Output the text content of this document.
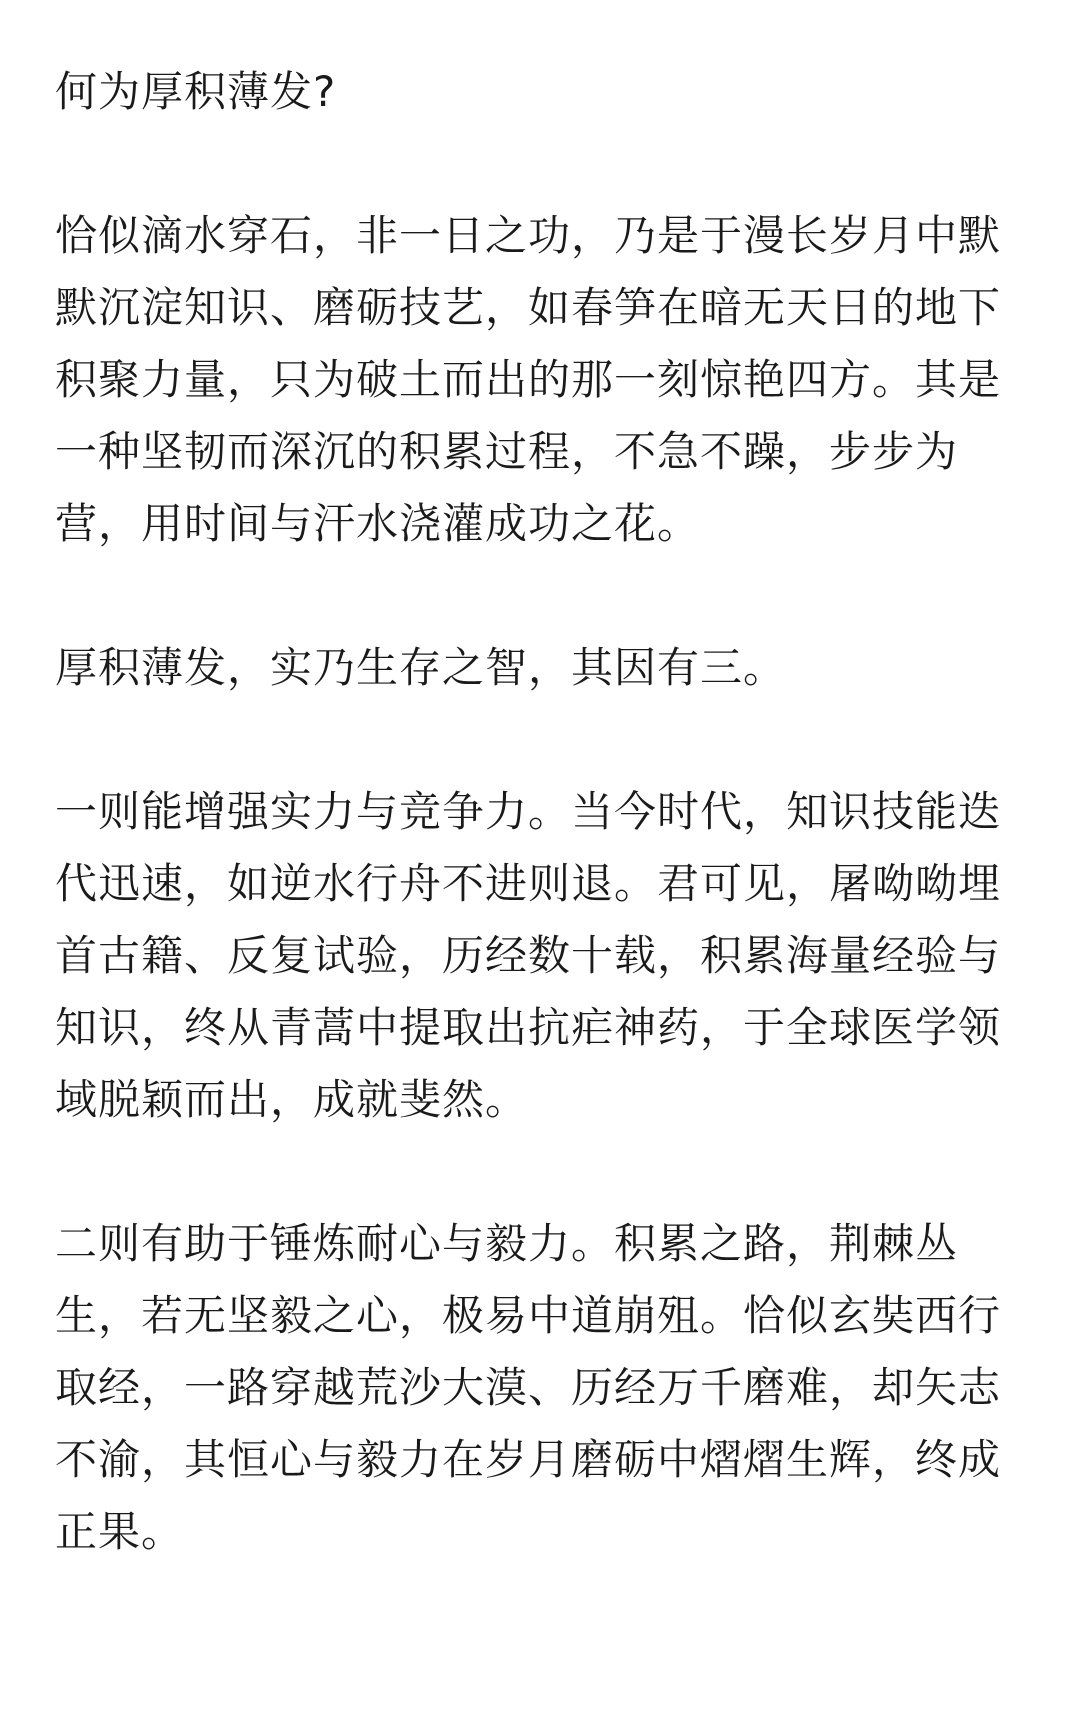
何为厚积薄发?

恰似滴水穿石，非一日之功，乃是于漫长岁月中默默沉淀知识、磨砺技艺，如春笋在暗无天日的地下积聚力量，只为破土而出的那一刻惊艳四方。其是一种坚韧而深沉的积累过程，不急不躁，步步为营，用时间与汗水浇灌成功之花。

厚积薄发，实乃生存之智，其因有三。

一则能增强实力与竞争力。当今时代，知识技能迭代迅速，如逆水行舟不进则退。君可见，屠呦呦埋首古籍、反复试验，历经数十载，积累海量经验与知识，终从青蒿中提取出抗疟神药，于全球医学领域脱颖而出，成就斐然。

二则有助于锤炼耐心与毅力。积累之路，荆棘丛生，若无坚毅之心，极易中道崩殂。恰似玄奘西行取经，一路穿越荒沙大漠、历经万千磨难，却矢志不渝，其恒心与毅力在岁月磨砺中熠熠生辉，终成正果。
